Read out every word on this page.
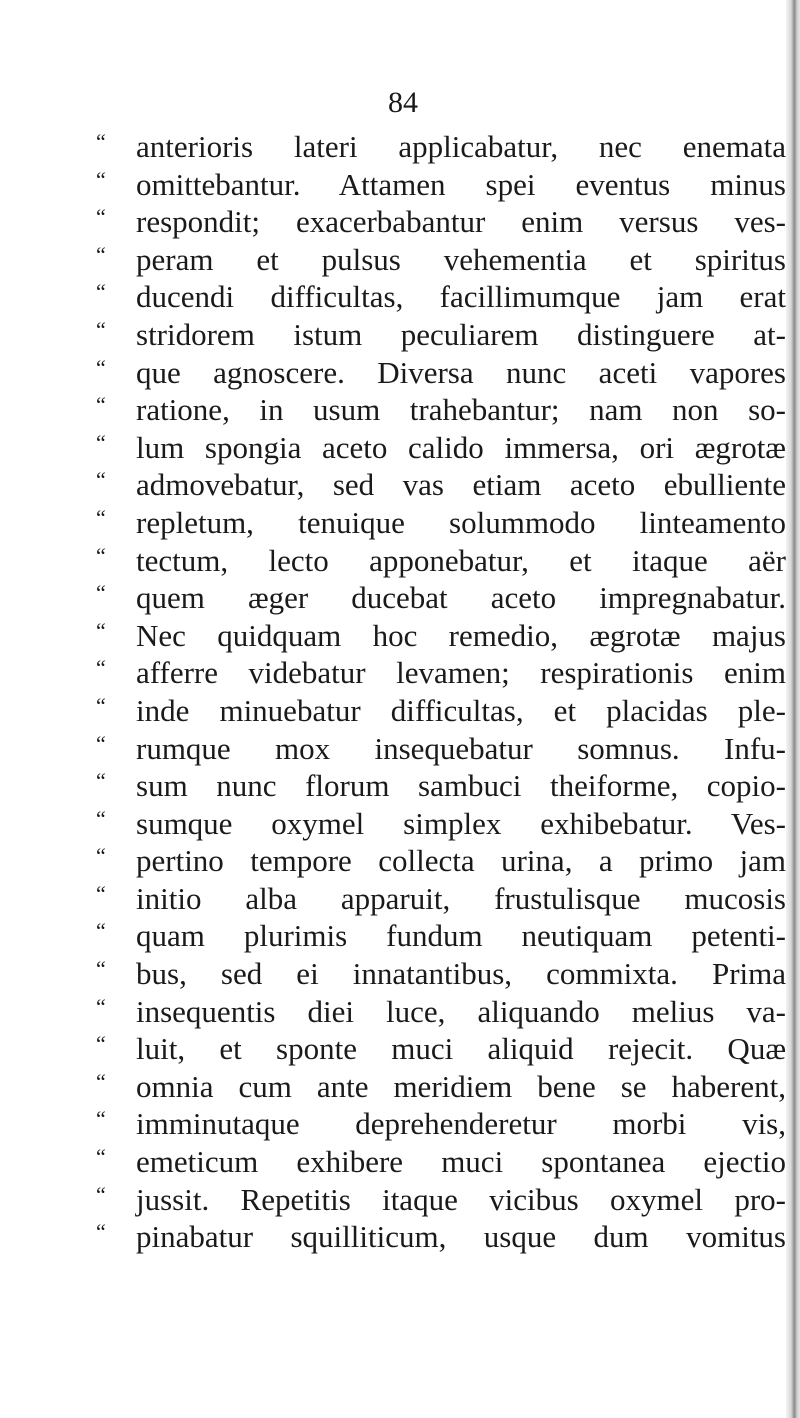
84
“ anterioris lateri applicabatur, nec enemata
“ omittebantur. Attamen spei eventus minus
“ respondit; exacerbabantur enim versus ves-
“ peram et pulsus vehementia et spiritus
“ ducendi difficultas, facillimumque jam erat
“ stridorem istum peculiarem distinguere at-
“ que agnoscere. Diversa nunc aceti vapores
“ ratione, in usum trahebantur; nam non so-
“ lum spongia aceto calido immersa, ori ægrotæ
“ admovebatur, sed vas etiam aceto ebulliente
“ repletum, tenuique solummodo linteamento
“ tectum, lecto apponebatur, et itaque aër
“ quem æger ducebat aceto impregnabatur.
“ Nec quidquam hoc remedio, ægrotæ majus
“ afferre videbatur levamen; respirationis enim
“ inde minuebatur difficultas, et placidas ple-
“ rumque mox insequebatur somnus. Infu-
“ sum nunc florum sambuci theiforme, copio-
“ sumque oxymel simplex exhibebatur. Ves-
“ pertino tempore collecta urina, a primo jam
“ initio alba apparuit, frustulisque mucosis
“ quam plurimis fundum neutiquam petenti-
“ bus, sed ei innatantibus, commixta. Prima
“ insequentis diei luce, aliquando melius va-
“ luit, et sponte muci aliquid rejecit. Quæ
“ omnia cum ante meridiem bene se haberent,
“ imminutaque deprehenderetur morbi vis,
“ emeticum exhibere muci spontanea ejectio
“ jussit. Repetitis itaque vicibus oxymel pro-
“ pinabatur squilliticum, usque dum vomitus
